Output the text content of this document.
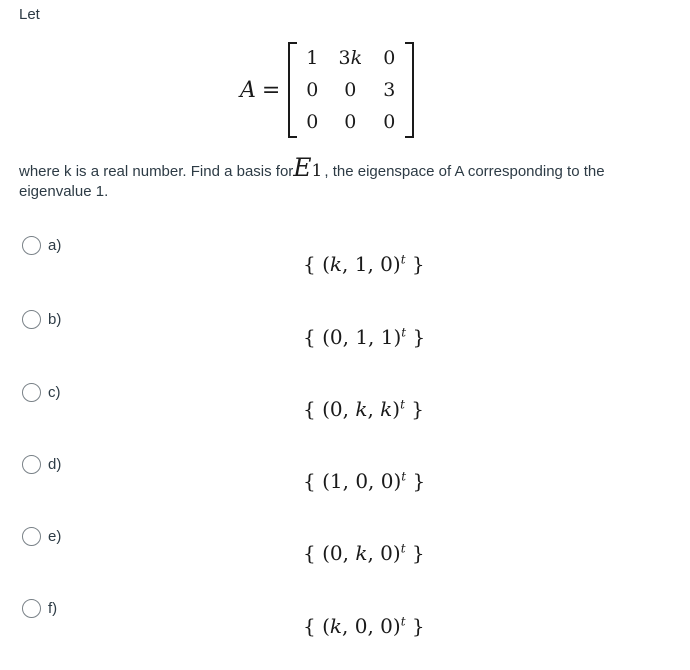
Let
A =
1 3k 0
0 0 3
0 0 0
where k is a real number. Find a basis forE1 , the eigenspace of A corresponding to the eigenvalue 1.
a)
{ (k, 1, 0)$^t$ }
b)
{ (0, 1, 1)$^t$ }
c)
{ (0, k, k)$^t$ }
d)
{ (1, 0, 0)$^t$ }
e)
{ (0, k, 0)$^t$ }
f)
{ (k, 0, 0)$^t$ }
